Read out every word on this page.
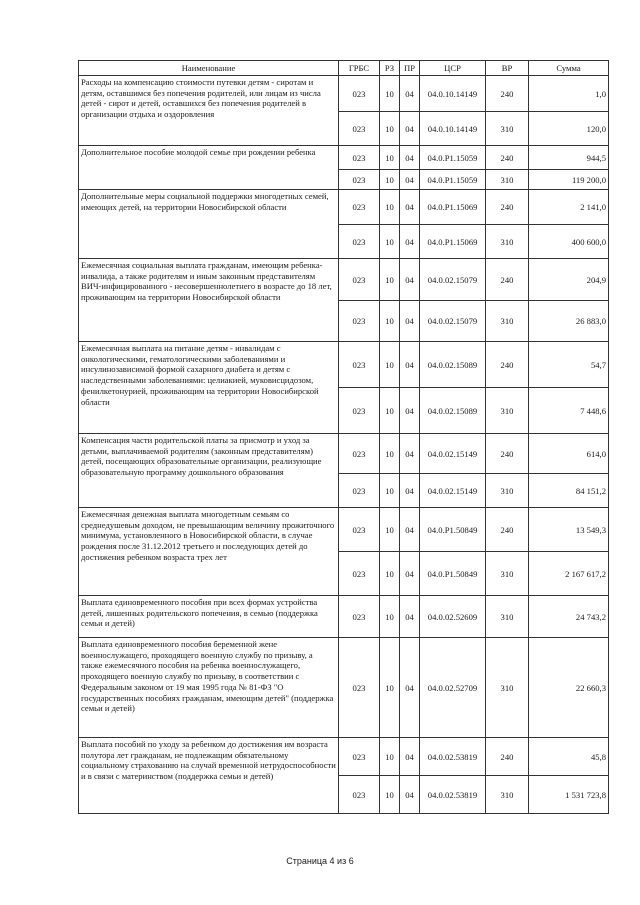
Наименование	ГРБС	РЗ	ПР	ЦСР	ВР	Сумма
Расходы на компенсацию стоимости путевки детям - сиротам и детям, оставшимся без попечения родителей, или лицам из числа детей - сирот и детей, оставшихся без попечения родителей в организации отдыха и оздоровления	023	10	04	04.0.10.14149	240	1,0
	023	10	04	04.0.10.14149	310	120,0
Дополнительное пособие молодой семье при рождении ребенка	023	10	04	04.0.P1.15059	240	944,5
	023	10	04	04.0.P1.15059	310	119 200,0
Дополнительные меры социальной поддержки многодетных семей, имеющих детей, на территории Новосибирской области	023	10	04	04.0.P1.15069	240	2 141,0
	023	10	04	04.0.P1.15069	310	400 600,0
Ежемесячная социальная выплата гражданам, имеющим ребенка-инвалида, а также родителям и иным законным представителям ВИЧ-инфицированного - несовершеннолетнего в возрасте до 18 лет, проживающим на территории Новосибирской области	023	10	04	04.0.02.15079	240	204,9
	023	10	04	04.0.02.15079	310	26 883,0
Ежемесячная выплата на питание детям - инвалидам с онкологическими, гематологическими заболеваниями и инсулинозависимой формой сахарного диабета и детям с наследственными заболеваниями: целиакией, муковисцидозом, фенилкетонурией, проживающим на территории Новосибирской области	023	10	04	04.0.02.15089	240	54,7
	023	10	04	04.0.02.15089	310	7 448,6
Компенсация части родительской платы за присмотр и уход за детьми, выплачиваемой родителям (законным представителям) детей, посещающих образовательные организации, реализующие образовательную программу дошкольного образования	023	10	04	04.0.02.15149	240	614,0
	023	10	04	04.0.02.15149	310	84 151,2
Ежемесячная денежная выплата многодетным семьям со среднедушевым доходом, не превышающим величину прожиточного минимума, установленного в Новосибирской области, в случае рождения после 31.12.2012 третьего и последующих детей до достижения ребенком возраста трех лет	023	10	04	04.0.P1.50849	240	13 549,3
	023	10	04	04.0.P1.50849	310	2 167 617,2
Выплата единовременного пособия при всех формах устройства детей, лишенных родительского попечения, в семью (поддержка семьи и детей)	023	10	04	04.0.02.52609	310	24 743,2
Выплата единовременного пособия беременной жене военнослужащего, проходящего военную службу по призыву, а также ежемесячного пособия на ребенка военнослужащего, проходящего военную службу по призыву, в соответствии с Федеральным законом от 19 мая 1995 года № 81-ФЗ "О государственных пособиях гражданам, имеющим детей" (поддержка семьи и детей)	023	10	04	04.0.02.52709	310	22 660,3
Выплата пособий по уходу за ребенком до достижения им возраста полутора лет гражданам, не подлежащим обязательному социальному страхованию на случай временной нетрудоспособности и в связи с материнством (поддержка семьи и детей)	023	10	04	04.0.02.53819	240	45,8
	023	10	04	04.0.02.53819	310	1 531 723,8
Страница 4 из 6
